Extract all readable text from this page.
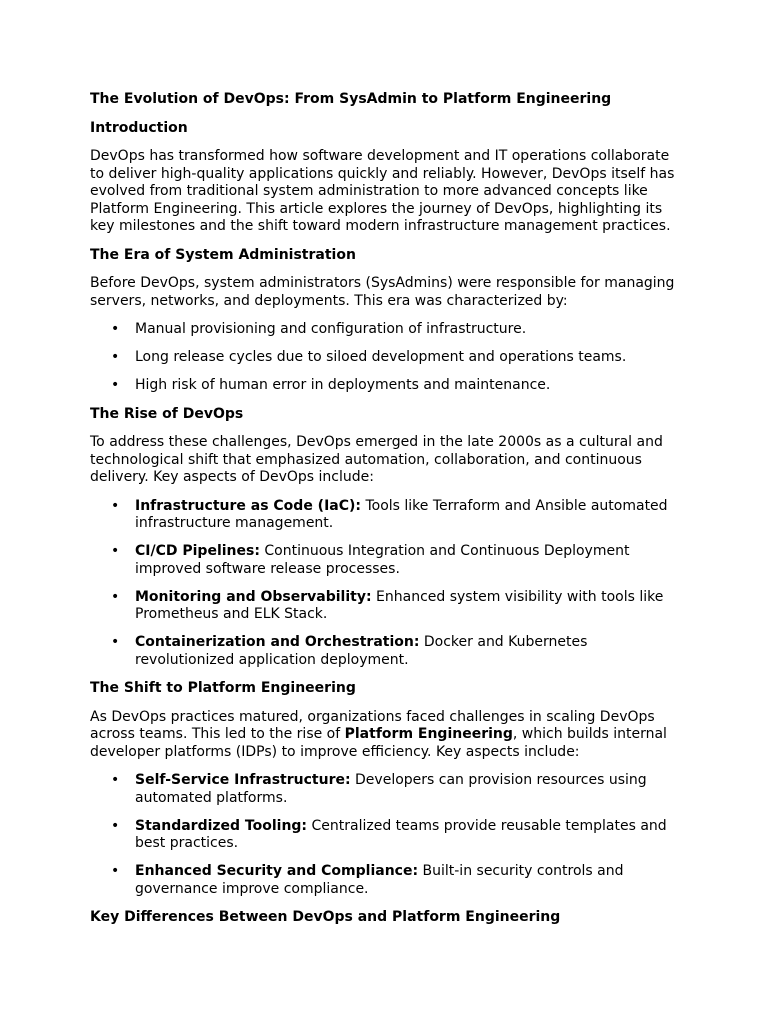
The Evolution of DevOps: From SysAdmin to Platform Engineering
Introduction

DevOps has transformed how software development and IT operations collaborate to deliver high-quality applications quickly and reliably. However, DevOps itself has evolved from traditional system administration to more advanced concepts like Platform Engineering. This article explores the journey of DevOps, highlighting its key milestones and the shift toward modern infrastructure management practices.

The Era of System Administration

Before DevOps, system administrators (SysAdmins) were responsible for managing servers, networks, and deployments. This era was characterized by:

• Manual provisioning and configuration of infrastructure.
• Long release cycles due to siloed development and operations teams.
• High risk of human error in deployments and maintenance.
The Rise of DevOps

To address these challenges, DevOps emerged in the late 2000s as a cultural and technological shift that emphasized automation, collaboration, and continuous delivery. Key aspects of DevOps include:

• Infrastructure as Code (IaC): Tools like Terraform and Ansible automated infrastructure management.
• CI/CD Pipelines: Continuous Integration and Continuous Deployment improved software release processes.
• Monitoring and Observability: Enhanced system visibility with tools like Prometheus and ELK Stack.
• Containerization and Orchestration: Docker and Kubernetes revolutionized application deployment.
The Shift to Platform Engineering

As DevOps practices matured, organizations faced challenges in scaling DevOps across teams. This led to the rise of Platform Engineering, which builds internal developer platforms (IDPs) to improve efficiency. Key aspects include:

• Self-Service Infrastructure: Developers can provision resources using automated platforms.
• Standardized Tooling: Centralized teams provide reusable templates and best practices.
• Enhanced Security and Compliance: Built-in security controls and governance improve compliance.
Key Differences Between DevOps and Platform Engineering
